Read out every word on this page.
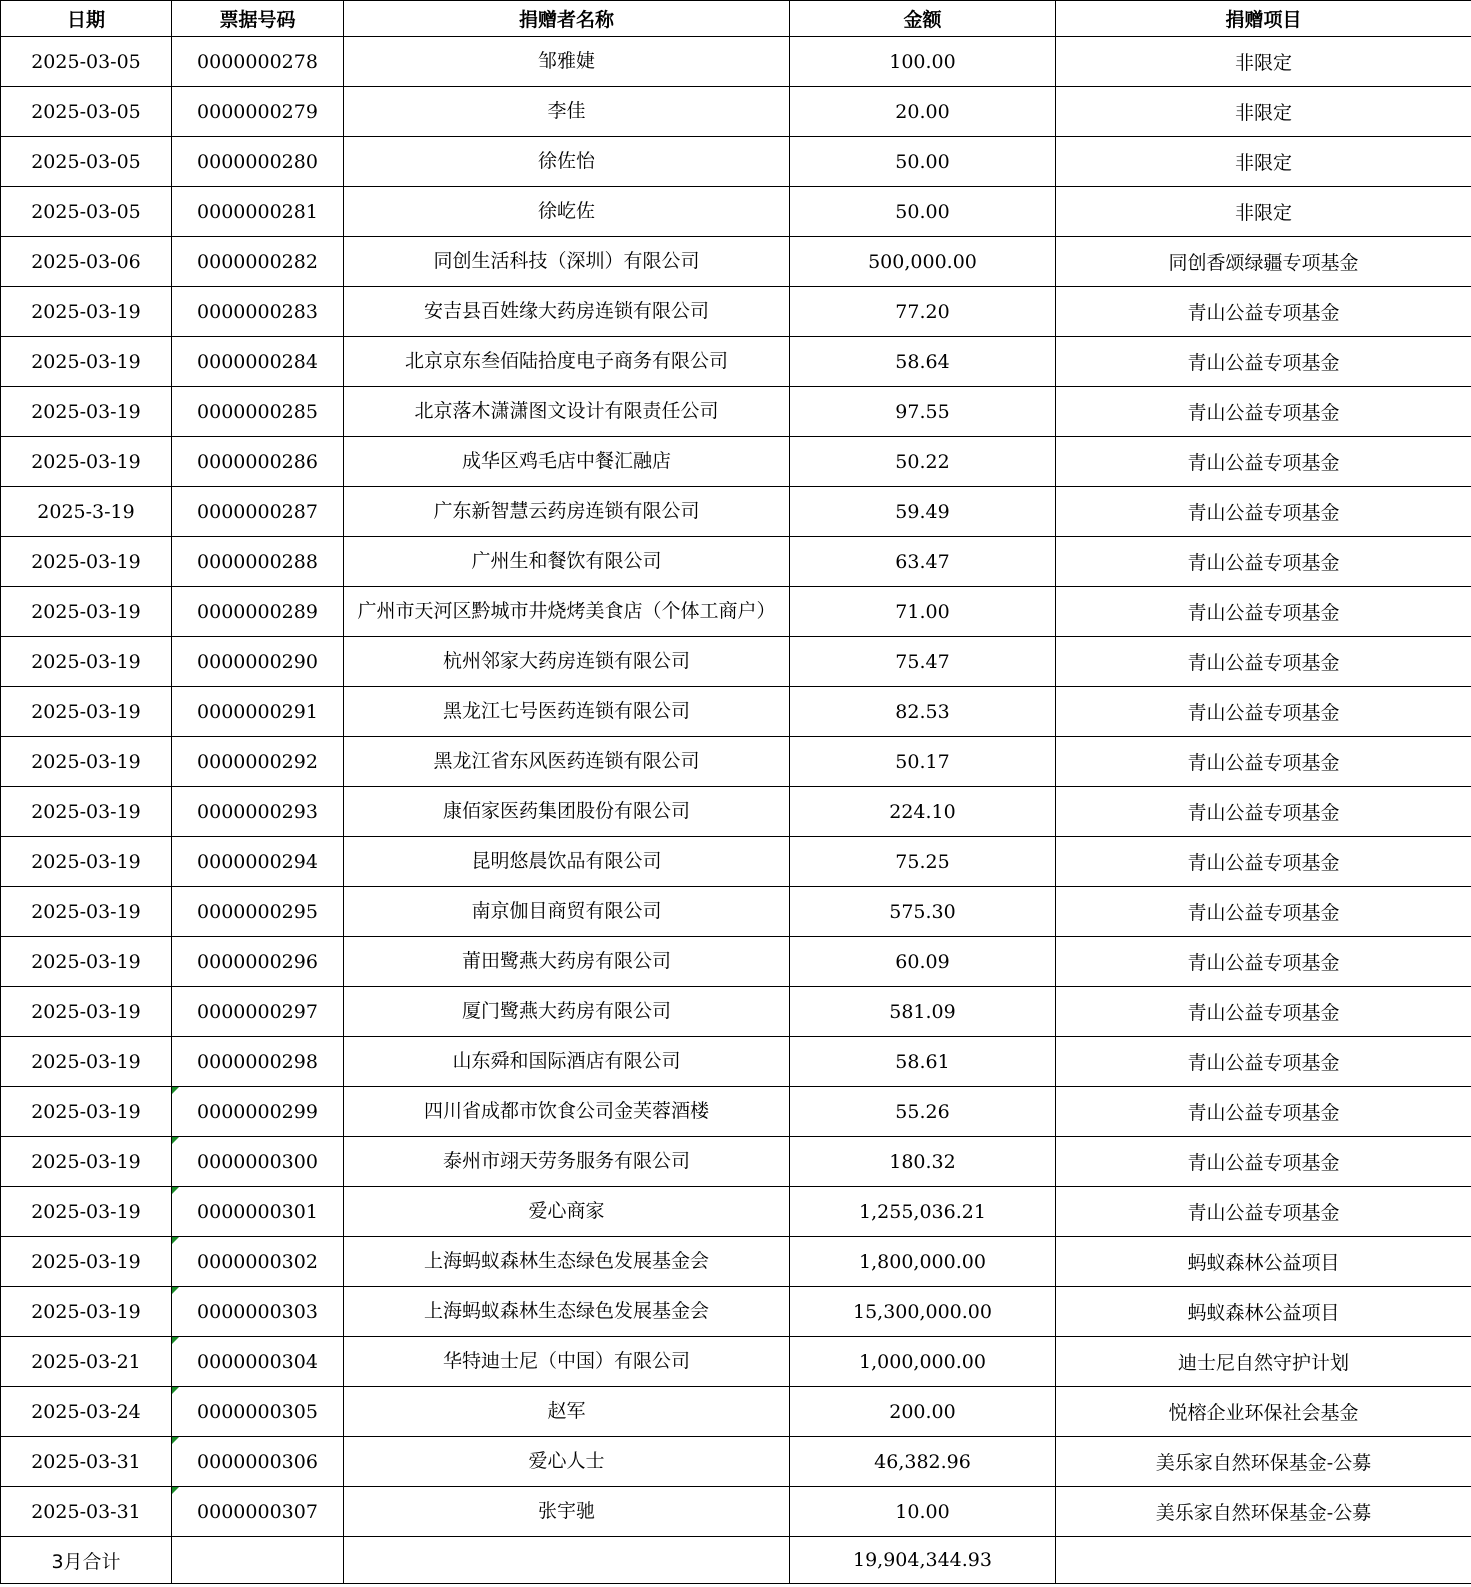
日期	票据号码	捐赠者名称	金额	捐赠项目
2025-03-05	0000000278	邹雅婕	100.00	非限定
2025-03-05	0000000279	李佳	20.00	非限定
2025-03-05	0000000280	徐佐怡	50.00	非限定
2025-03-05	0000000281	徐屹佐	50.00	非限定
2025-03-06	0000000282	同创生活科技（深圳）有限公司	500,000.00	同创香颂绿疆专项基金
2025-03-19	0000000283	安吉县百姓缘大药房连锁有限公司	77.20	青山公益专项基金
2025-03-19	0000000284	北京京东叁佰陆拾度电子商务有限公司	58.64	青山公益专项基金
2025-03-19	0000000285	北京落木潇潇图文设计有限责任公司	97.55	青山公益专项基金
2025-03-19	0000000286	成华区鸡毛店中餐汇融店	50.22	青山公益专项基金
2025-3-19	0000000287	广东新智慧云药房连锁有限公司	59.49	青山公益专项基金
2025-03-19	0000000288	广州生和餐饮有限公司	63.47	青山公益专项基金
2025-03-19	0000000289	广州市天河区黔城市井烧烤美食店（个体工商户）	71.00	青山公益专项基金
2025-03-19	0000000290	杭州邻家大药房连锁有限公司	75.47	青山公益专项基金
2025-03-19	0000000291	黑龙江七号医药连锁有限公司	82.53	青山公益专项基金
2025-03-19	0000000292	黑龙江省东风医药连锁有限公司	50.17	青山公益专项基金
2025-03-19	0000000293	康佰家医药集团股份有限公司	224.10	青山公益专项基金
2025-03-19	0000000294	昆明悠晨饮品有限公司	75.25	青山公益专项基金
2025-03-19	0000000295	南京伽目商贸有限公司	575.30	青山公益专项基金
2025-03-19	0000000296	莆田鹭燕大药房有限公司	60.09	青山公益专项基金
2025-03-19	0000000297	厦门鹭燕大药房有限公司	581.09	青山公益专项基金
2025-03-19	0000000298	山东舜和国际酒店有限公司	58.61	青山公益专项基金
2025-03-19	0000000299	四川省成都市饮食公司金芙蓉酒楼	55.26	青山公益专项基金
2025-03-19	0000000300	泰州市翊天劳务服务有限公司	180.32	青山公益专项基金
2025-03-19	0000000301	爱心商家	1,255,036.21	青山公益专项基金
2025-03-19	0000000302	上海蚂蚁森林生态绿色发展基金会	1,800,000.00	蚂蚁森林公益项目
2025-03-19	0000000303	上海蚂蚁森林生态绿色发展基金会	15,300,000.00	蚂蚁森林公益项目
2025-03-21	0000000304	华特迪士尼（中国）有限公司	1,000,000.00	迪士尼自然守护计划
2025-03-24	0000000305	赵军	200.00	悦榕企业环保社会基金
2025-03-31	0000000306	爱心人士	46,382.96	美乐家自然环保基金-公募
2025-03-31	0000000307	张宇驰	10.00	美乐家自然环保基金-公募
3月合计			19,904,344.93	
